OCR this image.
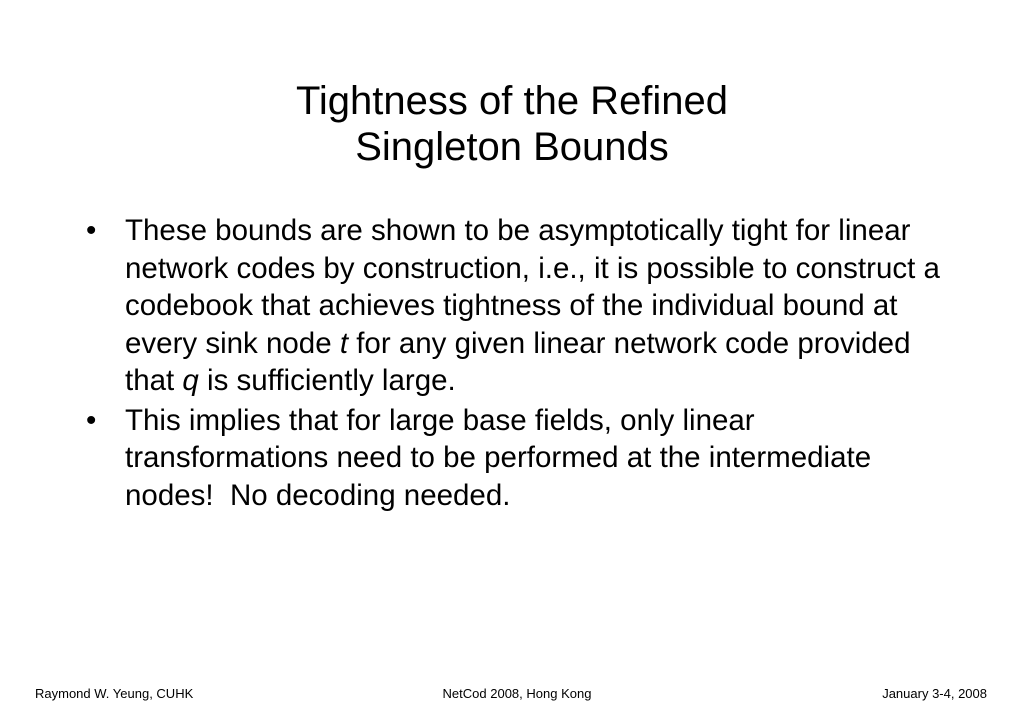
Tightness of the Refined
Singleton Bounds
• These bounds are shown to be asymptotically tight for linear network codes by construction, i.e., it is possible to construct a codebook that achieves tightness of the individual bound at every sink node t for any given linear network code provided that q is sufficiently large.
• This implies that for large base fields, only linear transformations need to be performed at the intermediate nodes!  No decoding needed.
Raymond W. Yeung, CUHK	NetCod 2008, Hong Kong	January 3-4, 2008
